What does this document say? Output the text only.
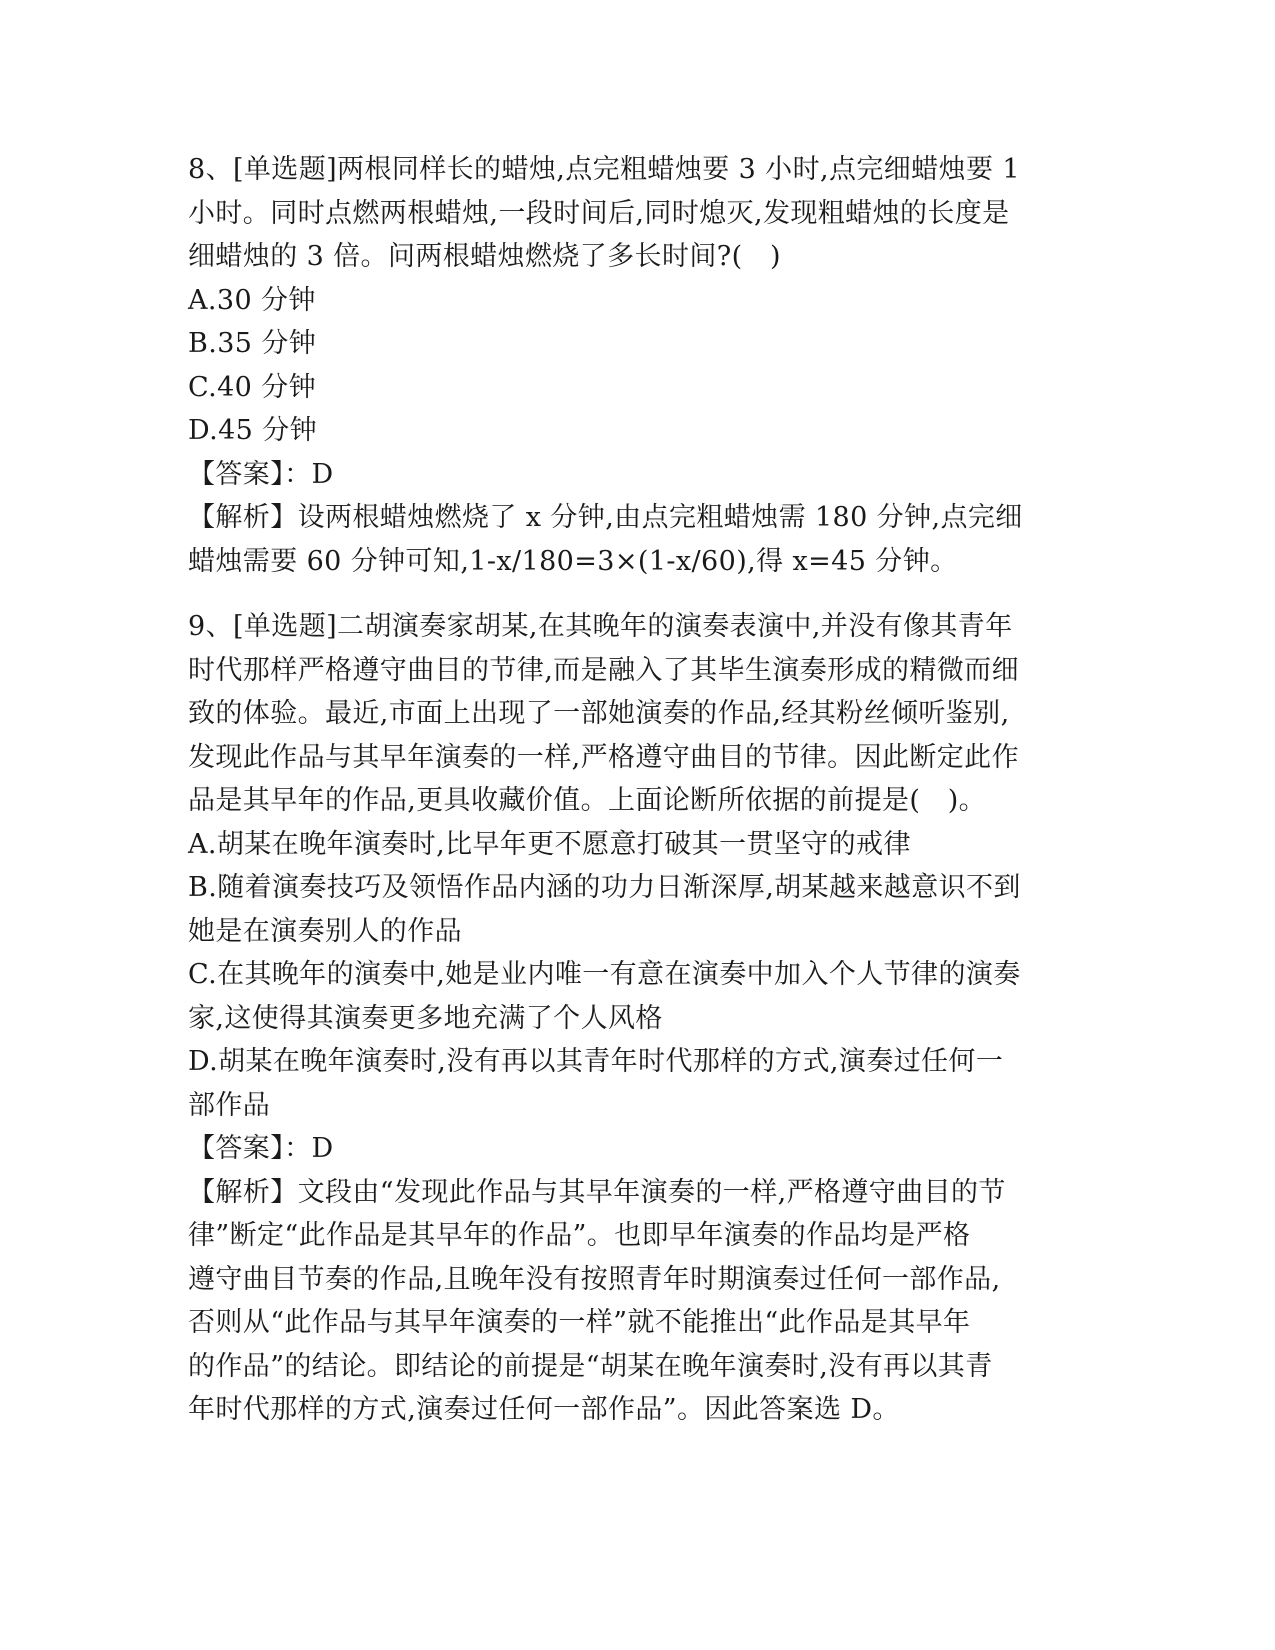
8、[单选题]两根同样长的蜡烛,点完粗蜡烛要 3 小时,点完细蜡烛要 1
小时。同时点燃两根蜡烛,一段时间后,同时熄灭,发现粗蜡烛的长度是
细蜡烛的 3 倍。问两根蜡烛燃烧了多长时间?(　)
A.30 分钟
B.35 分钟
C.40 分钟
D.45 分钟
【答案】：D
【解析】设两根蜡烛燃烧了 x 分钟,由点完粗蜡烛需 180 分钟,点完细
蜡烛需要 60 分钟可知,1-x/180=3×(1-x/60),得 x=45 分钟。
9、[单选题]二胡演奏家胡某,在其晚年的演奏表演中,并没有像其青年
时代那样严格遵守曲目的节律,而是融入了其毕生演奏形成的精微而细
致的体验。最近,市面上出现了一部她演奏的作品,经其粉丝倾听鉴别,
发现此作品与其早年演奏的一样,严格遵守曲目的节律。因此断定此作
品是其早年的作品,更具收藏价值。上面论断所依据的前提是(　)。
A.胡某在晚年演奏时,比早年更不愿意打破其一贯坚守的戒律
B.随着演奏技巧及领悟作品内涵的功力日渐深厚,胡某越来越意识不到
她是在演奏别人的作品
C.在其晚年的演奏中,她是业内唯一有意在演奏中加入个人节律的演奏
家,这使得其演奏更多地充满了个人风格
D.胡某在晚年演奏时,没有再以其青年时代那样的方式,演奏过任何一
部作品
【答案】：D
【解析】文段由“发现此作品与其早年演奏的一样,严格遵守曲目的节
律”断定“此作品是其早年的作品”。也即早年演奏的作品均是严格
遵守曲目节奏的作品,且晚年没有按照青年时期演奏过任何一部作品,
否则从“此作品与其早年演奏的一样”就不能推出“此作品是其早年
的作品”的结论。即结论的前提是“胡某在晚年演奏时,没有再以其青
年时代那样的方式,演奏过任何一部作品”。因此答案选 D。
